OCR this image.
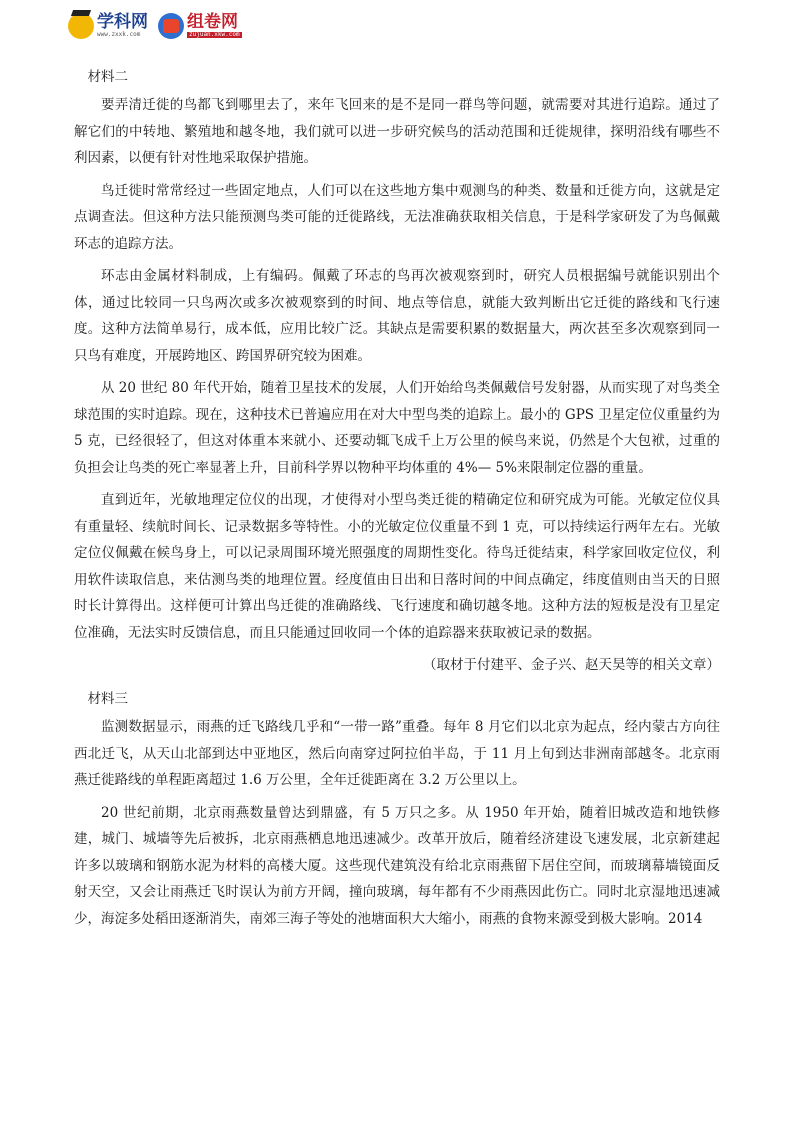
学科网
www.zxxk.com
组卷网
zujuan.xkw.com
材料二

要弄清迁徙的鸟都飞到哪里去了，来年飞回来的是不是同一群鸟等问题，就需要对其进行追踪。通过了解它们的中转地、繁殖地和越冬地，我们就可以进一步研究候鸟的活动范围和迁徙规律，探明沿线有哪些不利因素，以便有针对性地采取保护措施。

鸟迁徙时常常经过一些固定地点，人们可以在这些地方集中观测鸟的种类、数量和迁徙方向，这就是定点调查法。但这种方法只能预测鸟类可能的迁徙路线，无法准确获取相关信息，于是科学家研发了为鸟佩戴环志的追踪方法。

环志由金属材料制成，上有编码。佩戴了环志的鸟再次被观察到时，研究人员根据编号就能识别出个体，通过比较同一只鸟两次或多次被观察到的时间、地点等信息，就能大致判断出它迁徙的路线和飞行速度。这种方法简单易行，成本低，应用比较广泛。其缺点是需要积累的数据量大，两次甚至多次观察到同一只鸟有难度，开展跨地区、跨国界研究较为困难。

从 20 世纪 80 年代开始，随着卫星技术的发展，人们开始给鸟类佩戴信号发射器，从而实现了对鸟类全球范围的实时追踪。现在，这种技术已普遍应用在对大中型鸟类的追踪上。最小的 GPS 卫星定位仪重量约为 5 克，已经很轻了，但这对体重本来就小、还要动辄飞成千上万公里的候鸟来说，仍然是个大包袱，过重的负担会让鸟类的死亡率显著上升，目前科学界以物种平均体重的 4%— 5%来限制定位器的重量。

直到近年，光敏地理定位仪的出现，才使得对小型鸟类迁徙的精确定位和研究成为可能。光敏定位仪具有重量轻、续航时间长、记录数据多等特性。小的光敏定位仪重量不到 1 克，可以持续运行两年左右。光敏定位仪佩戴在候鸟身上，可以记录周围环境光照强度的周期性变化。待鸟迁徙结束，科学家回收定位仪，利用软件读取信息，来估测鸟类的地理位置。经度值由日出和日落时间的中间点确定，纬度值则由当天的日照时长计算得出。这样便可计算出鸟迁徙的准确路线、飞行速度和确切越冬地。这种方法的短板是没有卫星定位准确，无法实时反馈信息，而且只能通过回收同一个体的追踪器来获取被记录的数据。

（取材于付建平、金子兴、赵天昊等的相关文章）
材料三

监测数据显示，雨燕的迁飞路线几乎和“一带一路”重叠。每年 8 月它们以北京为起点，经内蒙古方向往西北迁飞，从天山北部到达中亚地区，然后向南穿过阿拉伯半岛，于 11 月上旬到达非洲南部越冬。北京雨燕迁徙路线的单程距离超过 1.6 万公里，全年迁徙距离在 3.2 万公里以上。

20 世纪前期，北京雨燕数量曾达到鼎盛，有 5 万只之多。从 1950 年开始，随着旧城改造和地铁修建，城门、城墙等先后被拆，北京雨燕栖息地迅速减少。改革开放后，随着经济建设飞速发展，北京新建起许多以玻璃和钢筋水泥为材料的高楼大厦。这些现代建筑没有给北京雨燕留下居住空间，而玻璃幕墙镜面反射天空，又会让雨燕迁飞时误认为前方开阔，撞向玻璃，每年都有不少雨燕因此伤亡。同时北京湿地迅速减少，海淀多处稻田逐渐消失，南郊三海子等处的池塘面积大大缩小，雨燕的食物来源受到极大影响。2014
